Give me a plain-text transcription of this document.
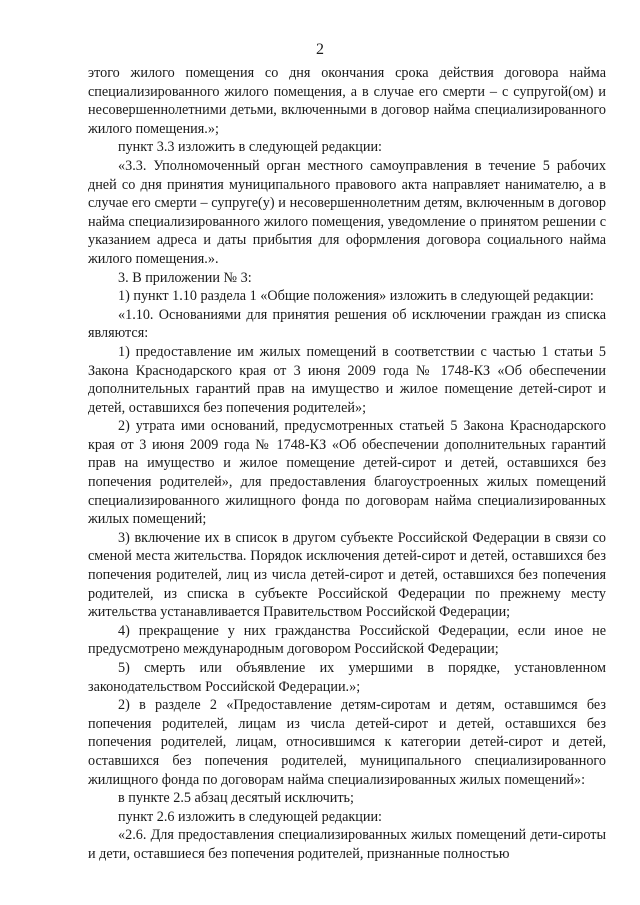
2

этого жилого помещения со дня окончания срока действия договора найма специализированного жилого помещения, а в случае его смерти – с супругой(ом) и несовершеннолетними детьми, включенными в договор найма специализированного жилого помещения.»;

пункт 3.3 изложить в следующей редакции:

«3.3. Уполномоченный орган местного самоуправления в течение 5 рабочих дней со дня принятия муниципального правового акта направляет нанимателю, а в случае его смерти – супруге(у) и несовершеннолетним детям, включенным в договор найма специализированного жилого помещения, уведомление о принятом решении с указанием адреса и даты прибытия для оформления договора социального найма жилого помещения.».

3. В приложении № 3:

1) пункт 1.10 раздела 1 «Общие положения» изложить в следующей редакции:

«1.10. Основаниями для принятия решения об исключении граждан из списка являются:

1) предоставление им жилых помещений в соответствии с частью 1 статьи 5 Закона Краснодарского края от 3 июня 2009 года № 1748-КЗ «Об обеспечении дополнительных гарантий прав на имущество и жилое помещение детей-сирот и детей, оставшихся без попечения родителей»;

2) утрата ими оснований, предусмотренных статьей 5 Закона Краснодарского края от 3 июня 2009 года № 1748-КЗ «Об обеспечении дополнительных гарантий прав на имущество и жилое помещение детей-сирот и детей, оставшихся без попечения родителей», для предоставления благоустроенных жилых помещений специализированного жилищного фонда по договорам найма специализированных жилых помещений;

3) включение их в список в другом субъекте Российской Федерации в связи со сменой места жительства. Порядок исключения детей-сирот и детей, оставшихся без попечения родителей, лиц из числа детей-сирот и детей, оставшихся без попечения родителей, из списка в субъекте Российской Федерации по прежнему месту жительства устанавливается Правительством Российской Федерации;

4) прекращение у них гражданства Российской Федерации, если иное не предусмотрено международным договором Российской Федерации;

5) смерть или объявление их умершими в порядке, установленном законодательством Российской Федерации.»;

2) в разделе 2 «Предоставление детям-сиротам и детям, оставшимся без попечения родителей, лицам из числа детей-сирот и детей, оставшихся без попечения родителей, лицам, относившимся к категории детей-сирот и детей, оставшихся без попечения родителей, муниципального специализированного жилищного фонда по договорам найма специализированных жилых помещений»:

в пункте 2.5 абзац десятый исключить;

пункт 2.6 изложить в следующей редакции:

«2.6. Для предоставления специализированных жилых помещений дети-сироты и дети, оставшиеся без попечения родителей, признанные полностью
